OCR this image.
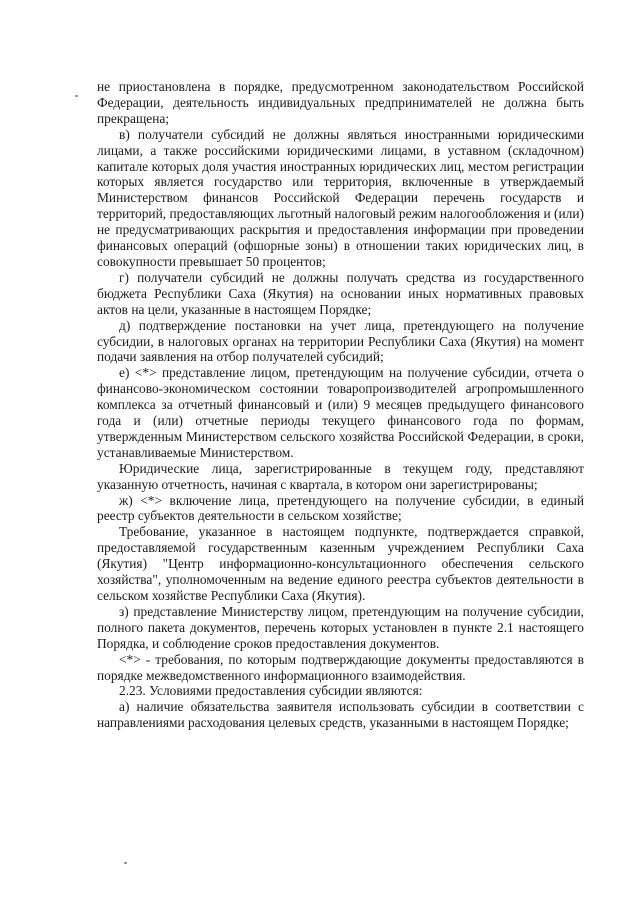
не приостановлена в порядке, предусмотренном законодательством Российской Федерации, деятельность индивидуальных предпринимателей не должна быть прекращена;

в) получатели субсидий не должны являться иностранными юридическими лицами, а также российскими юридическими лицами, в уставном (складочном) капитале которых доля участия иностранных юридических лиц, местом регистрации которых является государство или территория, включенные в утверждаемый Министерством финансов Российской Федерации перечень государств и территорий, предоставляющих льготный налоговый режим налогообложения и (или) не предусматривающих раскрытия и предоставления информации при проведении финансовых операций (офшорные зоны) в отношении таких юридических лиц, в совокупности превышает 50 процентов;

г) получатели субсидий не должны получать средства из государственного бюджета Республики Саха (Якутия) на основании иных нормативных правовых актов на цели, указанные в настоящем Порядке;

д) подтверждение постановки на учет лица, претендующего на получение субсидии, в налоговых органах на территории Республики Саха (Якутия) на момент подачи заявления на отбор получателей субсидий;

е) <*> представление лицом, претендующим на получение субсидии, отчета о финансово-экономическом состоянии товаропроизводителей агропромышленного комплекса за отчетный финансовый и (или) 9 месяцев предыдущего финансового года и (или) отчетные периоды текущего финансового года по формам, утвержденным Министерством сельского хозяйства Российской Федерации, в сроки, устанавливаемые Министерством.

Юридические лица, зарегистрированные в текущем году, представляют указанную отчетность, начиная с квартала, в котором они зарегистрированы;

ж) <*> включение лица, претендующего на получение субсидии, в единый реестр субъектов деятельности в сельском хозяйстве;

Требование, указанное в настоящем подпункте, подтверждается справкой, предоставляемой государственным казенным учреждением Республики Саха (Якутия) "Центр информационно-консультационного обеспечения сельского хозяйства", уполномоченным на ведение единого реестра субъектов деятельности в сельском хозяйстве Республики Саха (Якутия).

з) представление Министерству лицом, претендующим на получение субсидии, полного пакета документов, перечень которых установлен в пункте 2.1 настоящего Порядка, и соблюдение сроков предоставления документов.

<*> - требования, по которым подтверждающие документы предоставляются в порядке межведомственного информационного взаимодействия.

2.23. Условиями предоставления субсидии являются:

а) наличие обязательства заявителя использовать субсидии в соответствии с направлениями расходования целевых средств, указанными в настоящем Порядке;
